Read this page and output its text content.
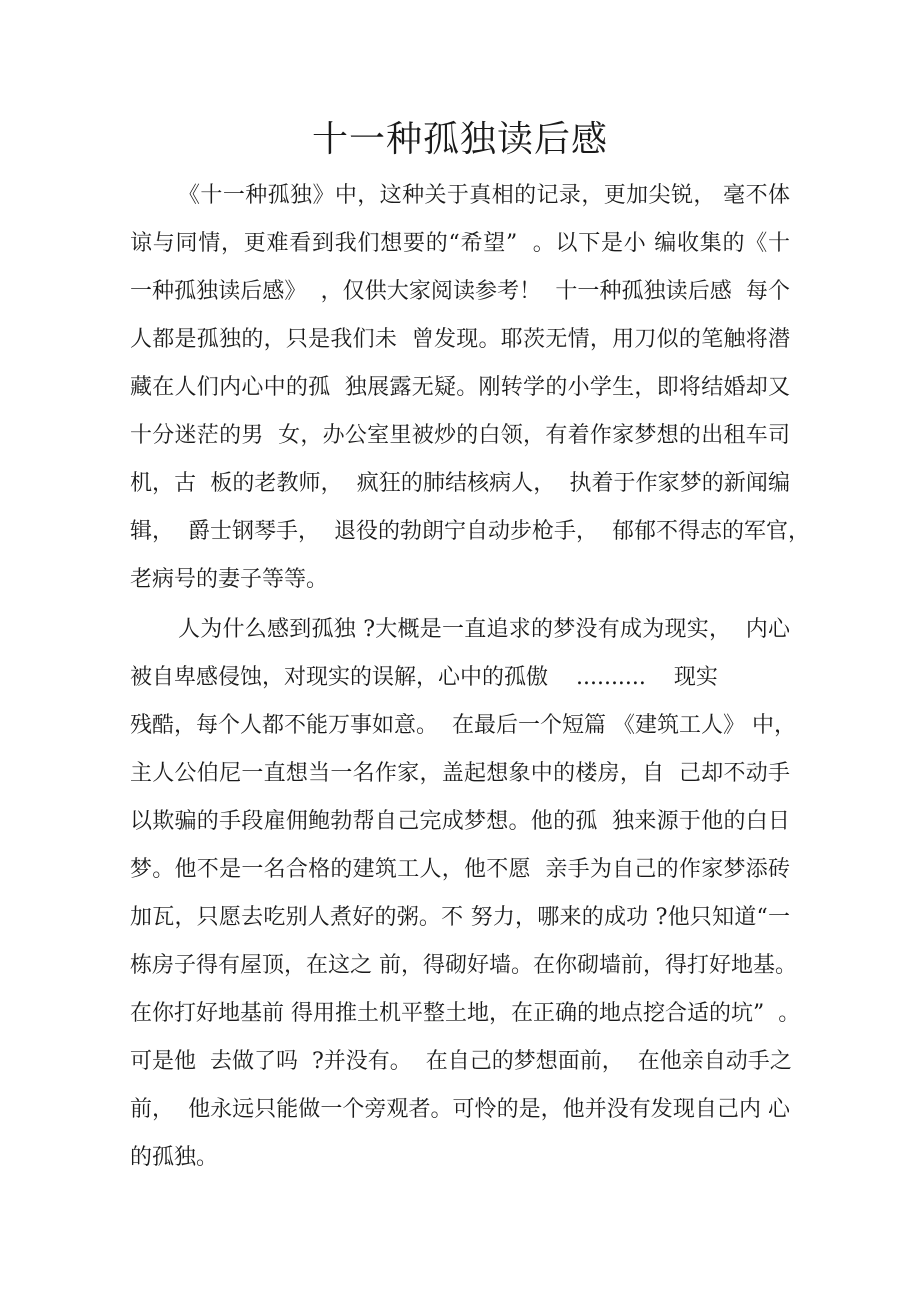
十一种孤独读后感

《十一种孤独》中，这种关于真相的记录，更加尖锐， 毫不体

谅与同情，更难看到我们想要的“希望”  。以下是小 编收集的《十

一种孤独读后感》  ，仅供大家阅读参考！  十一种孤独读后感  每个

人都是孤独的，只是我们未  曾发现。耶茨无情，用刀似的笔触将潜

藏在人们内心中的孤  独展露无疑。刚转学的小学生，即将结婚却又

十分迷茫的男  女，办公室里被炒的白领，有着作家梦想的出租车司

机，古  板的老教师，  疯狂的肺结核病人，  执着于作家梦的新闻编

辑，  爵士钢琴手，  退役的勃朗宁自动步枪手，  郁郁不得志的军官，

老病号的妻子等等。

人为什么感到孤独 ?大概是一直追求的梦没有成为现实，  内心

被自卑感侵蚀，对现实的误解，心中的孤傲    ..........    现实

残酷，每个人都不能万事如意。  在最后一个短篇 《建筑工人》 中，

主人公伯尼一直想当一名作家，盖起想象中的楼房，自  己却不动手

以欺骗的手段雇佣鲍勃帮自己完成梦想。他的孤  独来源于他的白日

梦。他不是一名合格的建筑工人，他不愿  亲手为自己的作家梦添砖

加瓦，只愿去吃别人煮好的粥。不 努力，哪来的成功 ?他只知道“一

栋房子得有屋顶，在这之 前，得砌好墙。在你砌墙前，得打好地基。

在你打好地基前 得用推土机平整土地，在正确的地点挖合适的坑”  。

可是他  去做了吗  ?并没有。  在自己的梦想面前，  在他亲自动手之

前，  他永远只能做一个旁观者。可怜的是，他并没有发现自己内 心

的孤独。
